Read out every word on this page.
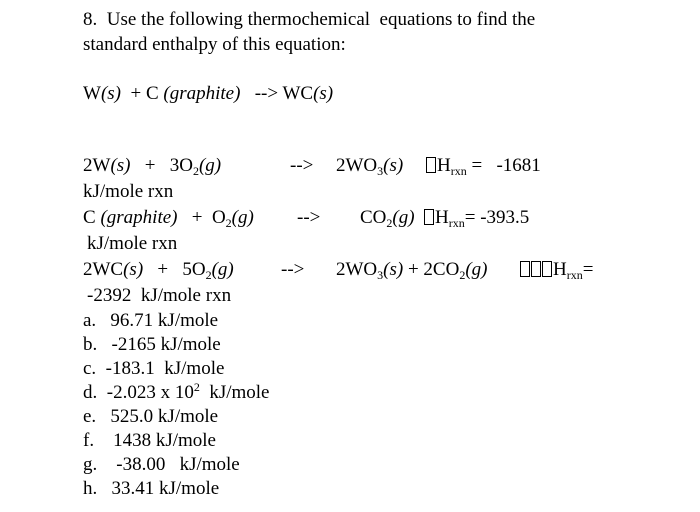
8.  Use the following thermochemical  equations to find the
standard enthalpy of this equation:
W(s)  + C (graphite)   --> WC(s)
$2W(s) + 3O_2(g)$	--> $2WO_3(s)$	$H_{rxn} = -1681$
kJ/mole rxn
C (graphite)   +  $O_2(g)$ --> $CO_2(g)$	$H_{rxn}= -393.5$
kJ/mole rxn
$2WC(s) + 5O_2(g)$ --> $2WO_3(s) + 2CO_2(g)$	$H_{rxn}=$
-2392  kJ/mole rxn
a.   96.71 kJ/mole
b.   -2165 kJ/mole
c.  -183.1  kJ/mole
d.  -2.023 x $10^2$  kJ/mole
e.   525.0 kJ/mole
f.    1438 kJ/mole
g.    -38.00   kJ/mole
h.   33.41 kJ/mole
